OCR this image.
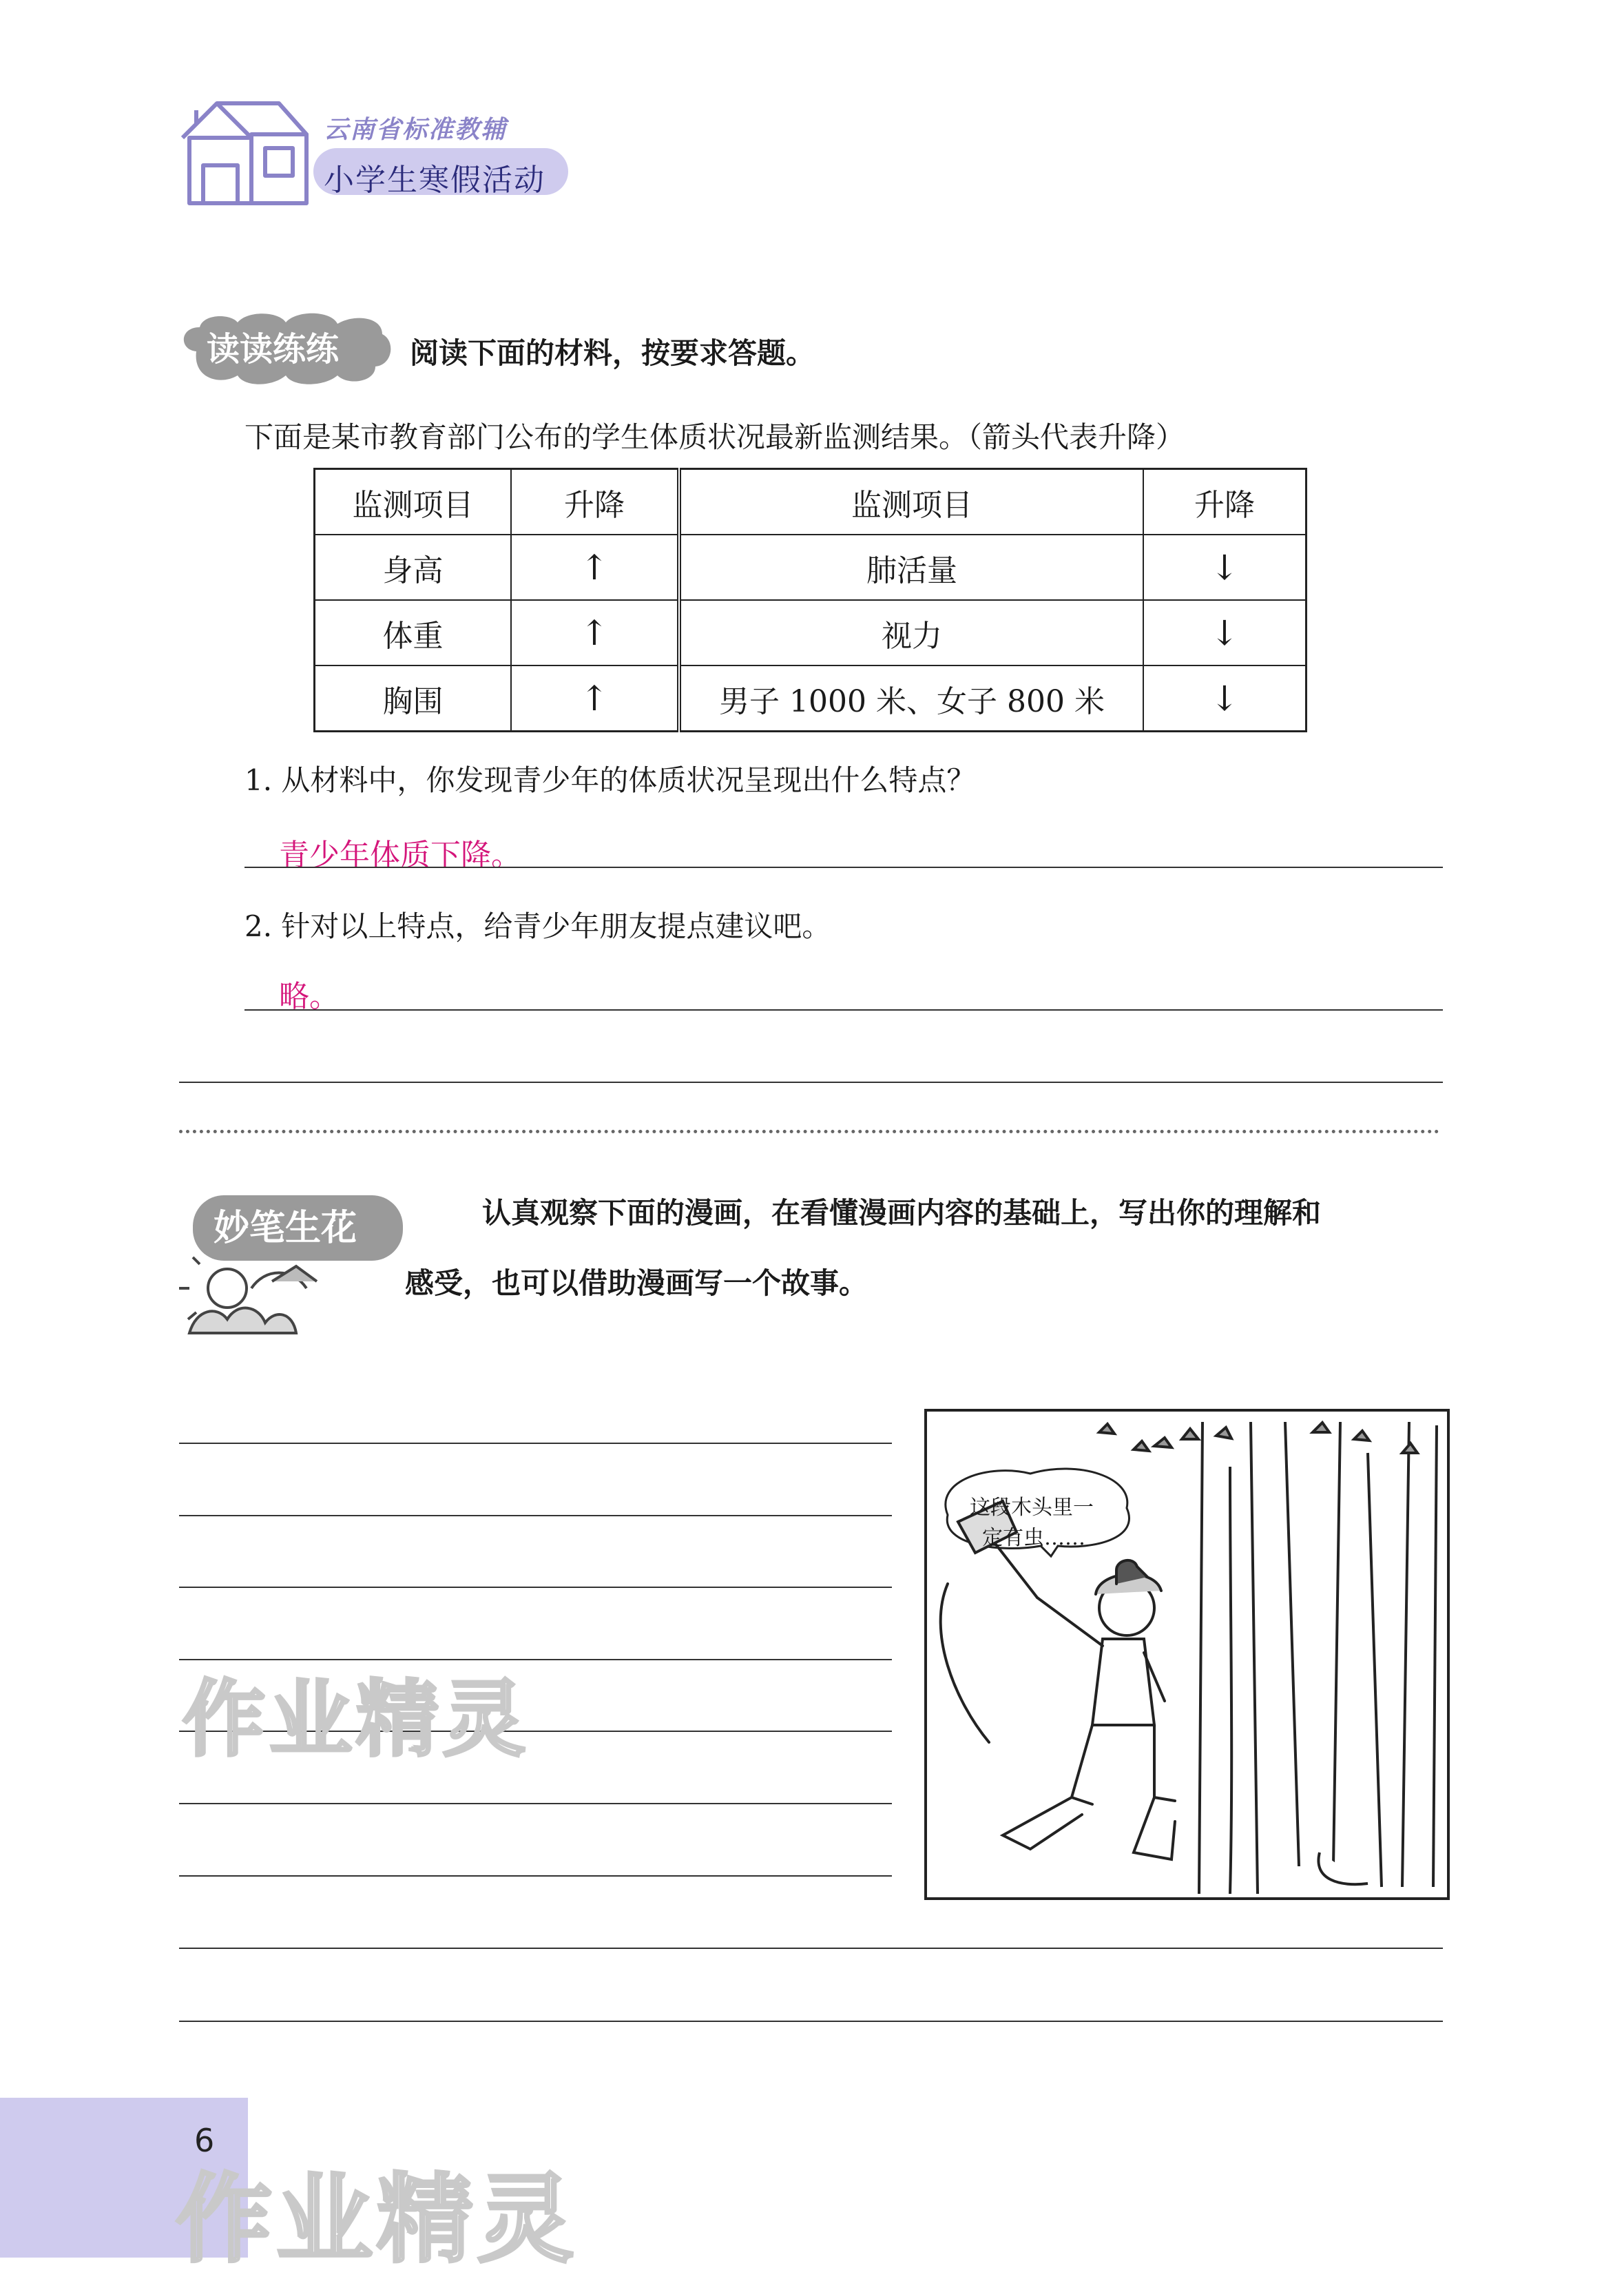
云南省标准教辅
小学生寒假活动
读读练练 阅读下面的材料，按要求答题。
下面是某市教育部门公布的学生体质状况最新监测结果。（箭头代表升降）
监测项目	升降	监测项目	升降
身高	↑	肺活量	↓
体重	↑	视力	↓
胸围	↑	男子 1000 米、女子 800 米	↓
1. 从材料中，你发现青少年的体质状况呈现出什么特点？
青少年体质下降。
2. 针对以上特点，给青少年朋友提点建议吧。
略。
妙笔生花	认真观察下面的漫画，在看懂漫画内容的基础上，写出你的理解和
感受，也可以借助漫画写一个故事。
这段木头里一
定有虫……
作业精灵
6
作业精灵
